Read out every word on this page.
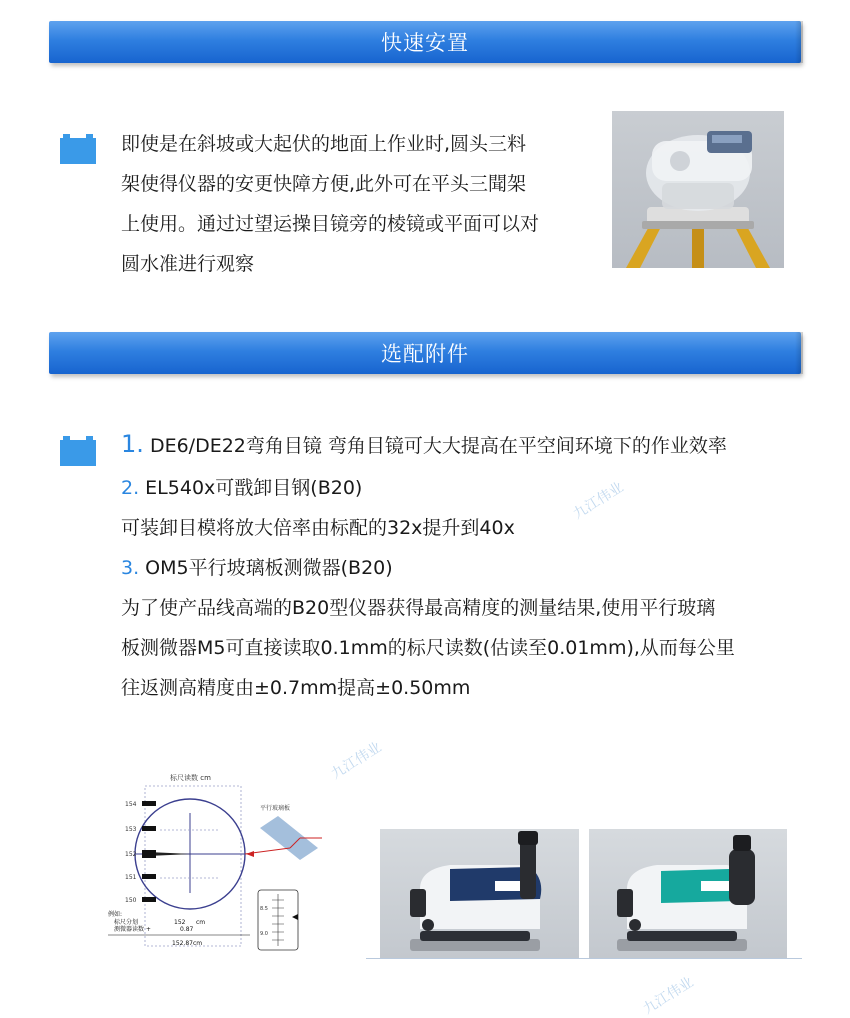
快速安置
即使是在斜坡或大起伏的地面上作业时,圆头三料
架使得仪器的安更快障方便,此外可在平头三聞架
上使用。通过过望运操目镜旁的棱镜或平面可以对
圆水准进行观察
选配附件
1. DE6/DE22弯角目镜 弯角目镜可大大提高在平空间环境下的作业效率
2. EL540x可戬卸目钢(B20)
可装卸目模将放大倍率由标配的32x提升到40x
3. OM5平行坡璃板测微器(B20)
为了使产品线高端的B20型仪器获得最高精度的测量结果,使用平行玻璃
板测微器M5可直接读取0.1mm的标尺读数(估读至0.01mm),从而每公里
往返测高精度由±0.7mm提高±0.50mm
九江伟业
九江伟业
九江伟业
标尺读数 cm
154
153
152
151
150
平行玻璃板
8.5
9.0
例如:
标尺分划	152 cm
测微器读数 +	0.87
152.87cm
